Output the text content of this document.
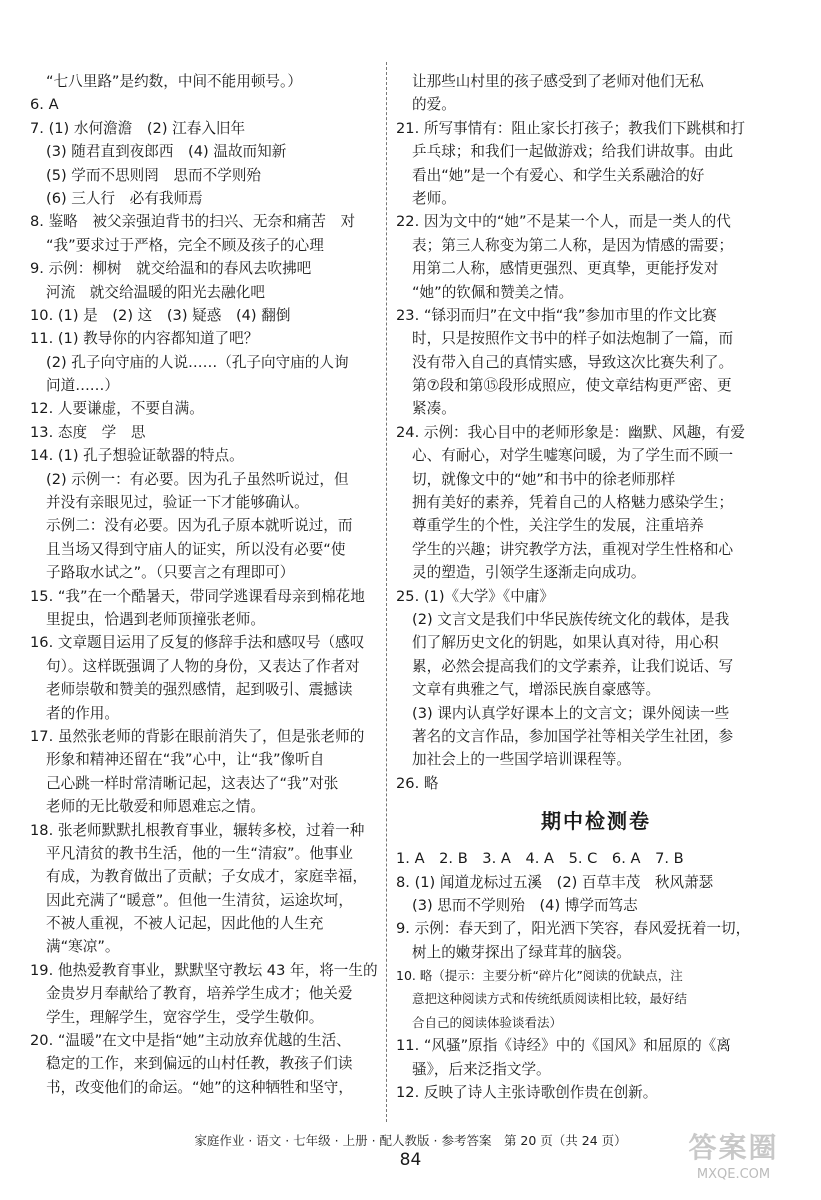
“七八里路”是约数，中间不能用顿号。）
6. A
7. (1) 水何澹澹　(2) 江春入旧年
(3) 随君直到夜郎西　(4) 温故而知新
(5) 学而不思则罔　思而不学则殆
(6) 三人行　必有我师焉
8. 鉴略　被父亲强迫背书的扫兴、无奈和痛苦　对
“我”要求过于严格，完全不顾及孩子的心理
9. 示例：柳树　就交给温和的春风去吹拂吧
河流　就交给温暖的阳光去融化吧
10. (1) 是　(2) 这　(3) 疑惑　(4) 翻倒
11. (1) 教导你的内容都知道了吧？
(2) 孔子向守庙的人说……（孔子向守庙的人询
问道……）
12. 人要谦虚，不要自满。
13. 态度　学　思
14. (1) 孔子想验证欹器的特点。
(2) 示例一：有必要。因为孔子虽然听说过，但
并没有亲眼见过，验证一下才能够确认。
示例二：没有必要。因为孔子原本就听说过，而
且当场又得到守庙人的证实，所以没有必要“使
子路取水试之”。（只要言之有理即可）
15. “我”在一个酷暑天，带同学逃课看母亲到棉花地
里捉虫，恰遇到老师顶撞张老师。
16. 文章题目运用了反复的修辞手法和感叹号（感叹
句）。这样既强调了人物的身份，又表达了作者对
老师崇敬和赞美的强烈感情，起到吸引、震撼读
者的作用。
17. 虽然张老师的背影在眼前消失了，但是张老师的
形象和精神还留在“我”心中，让“我”像听自
己心跳一样时常清晰记起，这表达了“我”对张
老师的无比敬爱和师恩难忘之情。
18. 张老师默默扎根教育事业，辗转多校，过着一种
平凡清贫的教书生活，他的一生“清寂”。他事业
有成，为教育做出了贡献；子女成才，家庭幸福，
因此充满了“暖意”。但他一生清贫，运途坎坷，
不被人重视，不被人记起，因此他的人生充
满“寒凉”。
19. 他热爱教育事业，默默坚守教坛 43 年，将一生的
金贵岁月奉献给了教育，培养学生成才；他关爱
学生，理解学生，宽容学生，受学生敬仰。
20. “温暖”在文中是指“她”主动放弃优越的生活、
稳定的工作，来到偏远的山村任教，教孩子们读
书，改变他们的命运。“她”的这种牺牲和坚守，
让那些山村里的孩子感受到了老师对他们无私
的爱。
21. 所写事情有：阻止家长打孩子；教我们下跳棋和打
乒乓球；和我们一起做游戏；给我们讲故事。由此
看出“她”是一个有爱心、和学生关系融洽的好
老师。
22. 因为文中的“她”不是某一个人，而是一类人的代
表；第三人称变为第二人称，是因为情感的需要；
用第二人称，感情更强烈、更真挚，更能抒发对
“她”的钦佩和赞美之情。
23. “铩羽而归”在文中指“我”参加市里的作文比赛
时，只是按照作文书中的样子如法炮制了一篇，而
没有带入自己的真情实感，导致这次比赛失利了。
第⑦段和第⑮段形成照应，使文章结构更严密、更
紧凑。
24. 示例：我心目中的老师形象是：幽默、风趣，有爱
心、有耐心，对学生嘘寒问暖，为了学生而不顾一
切，就像文中的“她”和书中的徐老师那样
拥有美好的素养，凭着自己的人格魅力感染学生；
尊重学生的个性，关注学生的发展，注重培养
学生的兴趣；讲究教学方法，重视对学生性格和心
灵的塑造，引领学生逐渐走向成功。
25. (1)《大学》《中庸》
(2) 文言文是我们中华民族传统文化的载体，是我
们了解历史文化的钥匙，如果认真对待，用心积
累，必然会提高我们的文学素养，让我们说话、写
文章有典雅之气，增添民族自豪感等。
(3) 课内认真学好课本上的文言文；课外阅读一些
著名的文言作品，参加国学社等相关学生社团，参
加社会上的一些国学培训课程等。
26. 略
期中检测卷
1. A　2. B　3. A　4. A　5. C　6. A　7. B
8. (1) 闻道龙标过五溪　(2) 百草丰茂　秋风萧瑟
(3) 思而不学则殆　(4) 博学而笃志
9. 示例：春天到了，阳光洒下笑容，春风爱抚着一切，
树上的嫩芽探出了绿茸茸的脑袋。
10. 略（提示：主要分析“碎片化”阅读的优缺点，注
意把这种阅读方式和传统纸质阅读相比较，最好结
合自己的阅读体验谈看法）
11. “风骚”原指《诗经》中的《国风》和屈原的《离
骚》，后来泛指文学。
12. 反映了诗人主张诗歌创作贵在创新。
家庭作业 · 语文 · 七年级 · 上册 · 配人教版 · 参考答案　第 20 页（共 24 页）
84	答案圈
MXQE.COM
